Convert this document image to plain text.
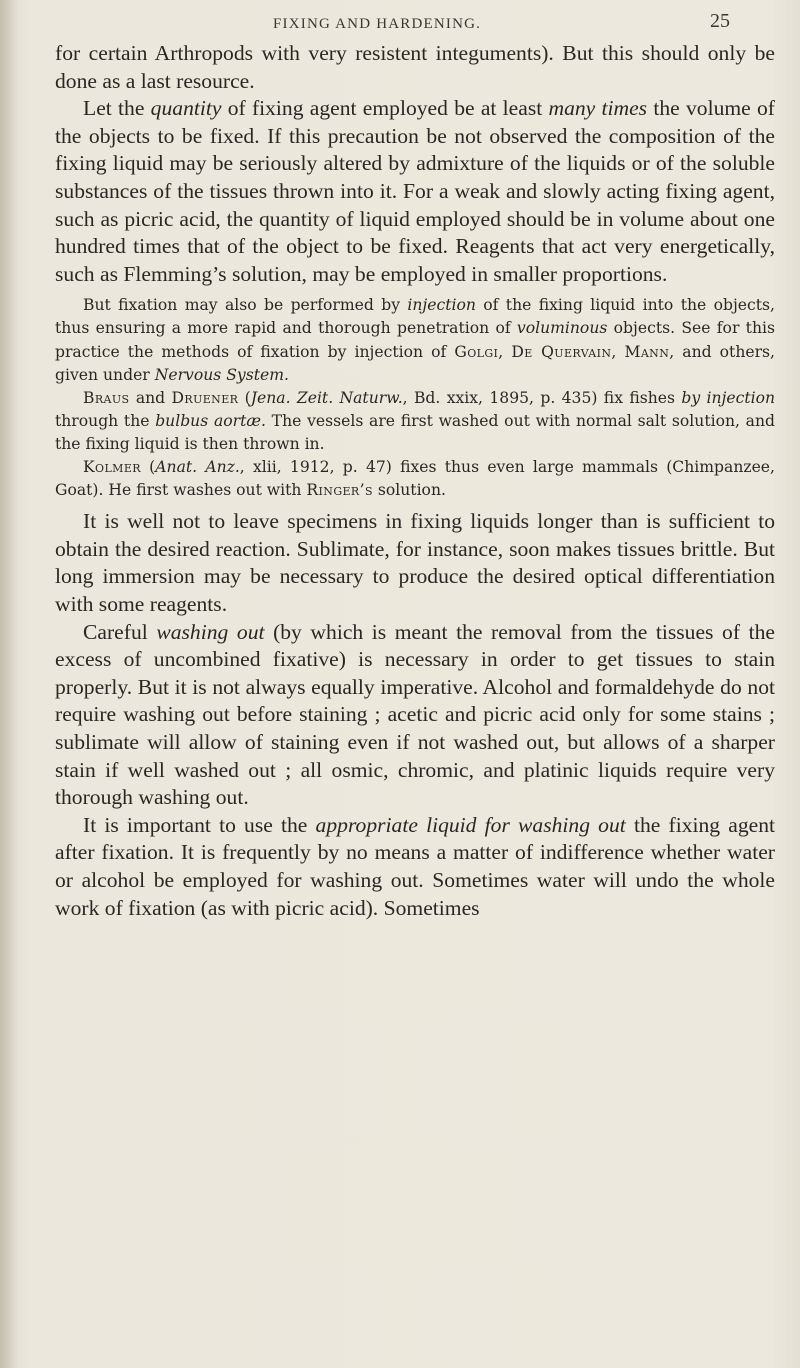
FIXING AND HARDENING.	25

for certain Arthropods with very resistent integuments). But this should only be done as a last resource.

Let the quantity of fixing agent employed be at least many times the volume of the objects to be fixed. If this precaution be not observed the composition of the fixing liquid may be seriously altered by admixture of the liquids or of the soluble substances of the tissues thrown into it. For a weak and slowly acting fixing agent, such as picric acid, the quantity of liquid employed should be in volume about one hundred times that of the object to be fixed. Reagents that act very energetically, such as Flemming’s solution, may be employed in smaller proportions.

But fixation may also be performed by injection of the fixing liquid into the objects, thus ensuring a more rapid and thorough penetration of voluminous objects. See for this practice the methods of fixation by injection of Golgi, De Quervain, Mann, and others, given under Nervous System.

Braus and Druener (Jena. Zeit. Naturw., Bd. xxix, 1895, p. 435) fix fishes by injection through the bulbus aortæ. The vessels are first washed out with normal salt solution, and the fixing liquid is then thrown in.

Kolmer (Anat. Anz., xlii, 1912, p. 47) fixes thus even large mammals (Chimpanzee, Goat). He first washes out with Ringer’s solution.

It is well not to leave specimens in fixing liquids longer than is sufficient to obtain the desired reaction. Sublimate, for instance, soon makes tissues brittle. But long immersion may be necessary to produce the desired optical differentiation with some reagents.

Careful washing out (by which is meant the removal from the tissues of the excess of uncombined fixative) is necessary in order to get tissues to stain properly. But it is not always equally imperative. Alcohol and formaldehyde do not require washing out before staining ; acetic and picric acid only for some stains ; sublimate will allow of staining even if not washed out, but allows of a sharper stain if well washed out ; all osmic, chromic, and platinic liquids require very thorough washing out.

It is important to use the appropriate liquid for washing out the fixing agent after fixation. It is frequently by no means a matter of indifference whether water or alcohol be employed for washing out. Sometimes water will undo the whole work of fixation (as with picric acid). Sometimes
